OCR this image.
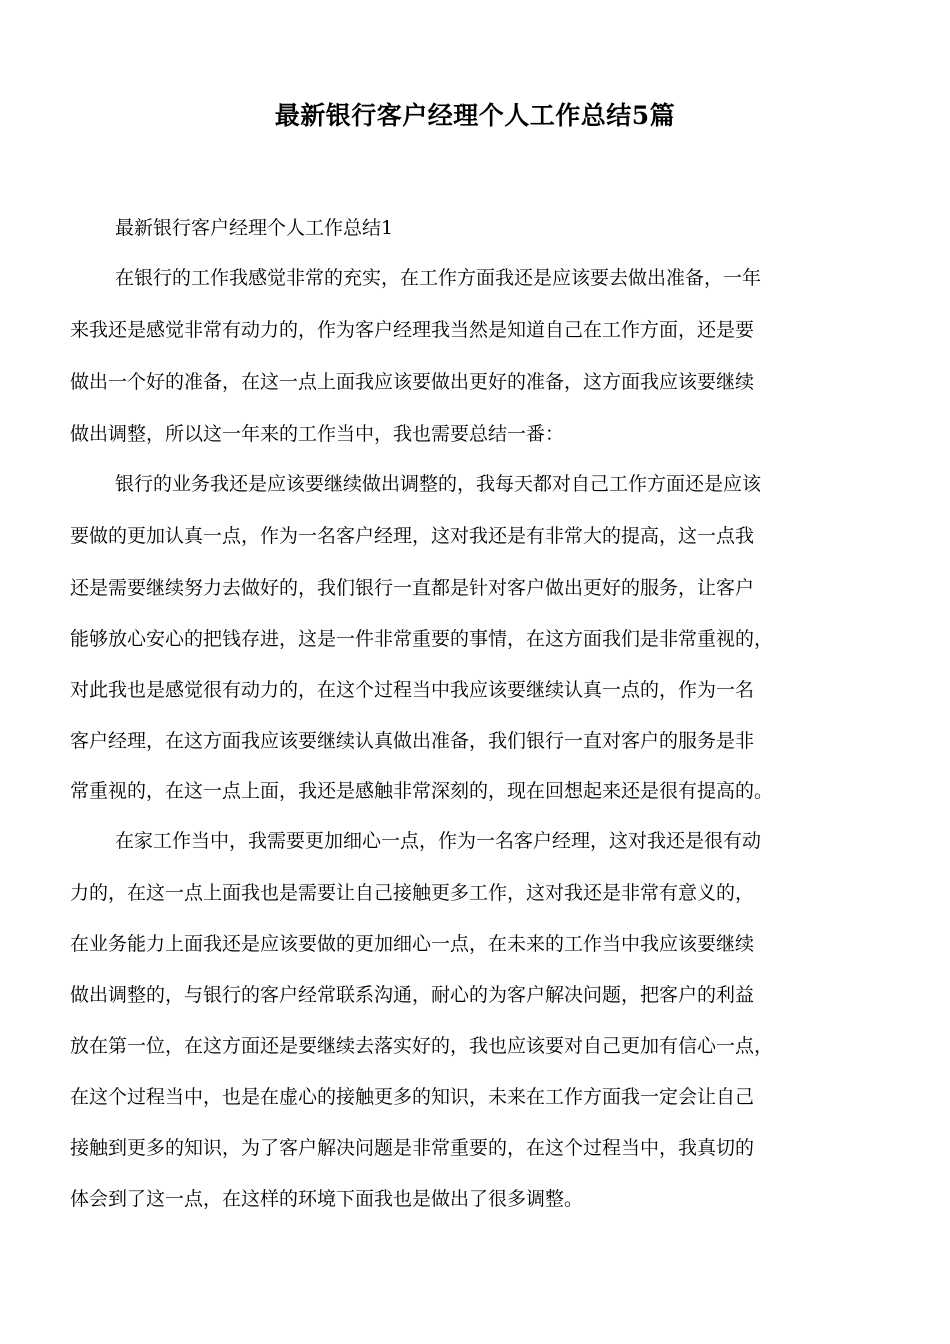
最新银行客户经理个人工作总结5篇

最新银行客户经理个人工作总结1

在银行的工作我感觉非常的充实，在工作方面我还是应该要去做出准备，一年
来我还是感觉非常有动力的，作为客户经理我当然是知道自己在工作方面，还是要
做出一个好的准备，在这一点上面我应该要做出更好的准备，这方面我应该要继续
做出调整，所以这一年来的工作当中，我也需要总结一番：
银行的业务我还是应该要继续做出调整的，我每天都对自己工作方面还是应该
要做的更加认真一点，作为一名客户经理，这对我还是有非常大的提高，这一点我
还是需要继续努力去做好的，我们银行一直都是针对客户做出更好的服务，让客户
能够放心安心的把钱存进，这是一件非常重要的事情，在这方面我们是非常重视的，
对此我也是感觉很有动力的，在这个过程当中我应该要继续认真一点的，作为一名
客户经理，在这方面我应该要继续认真做出准备，我们银行一直对客户的服务是非
常重视的，在这一点上面，我还是感触非常深刻的，现在回想起来还是很有提高的。
在家工作当中，我需要更加细心一点，作为一名客户经理，这对我还是很有动
力的，在这一点上面我也是需要让自己接触更多工作，这对我还是非常有意义的，
在业务能力上面我还是应该要做的更加细心一点，在未来的工作当中我应该要继续
做出调整的，与银行的客户经常联系沟通，耐心的为客户解决问题，把客户的利益
放在第一位，在这方面还是要继续去落实好的，我也应该要对自己更加有信心一点，
在这个过程当中，也是在虚心的接触更多的知识，未来在工作方面我一定会让自己
接触到更多的知识，为了客户解决问题是非常重要的，在这个过程当中，我真切的
体会到了这一点，在这样的环境下面我也是做出了很多调整。
